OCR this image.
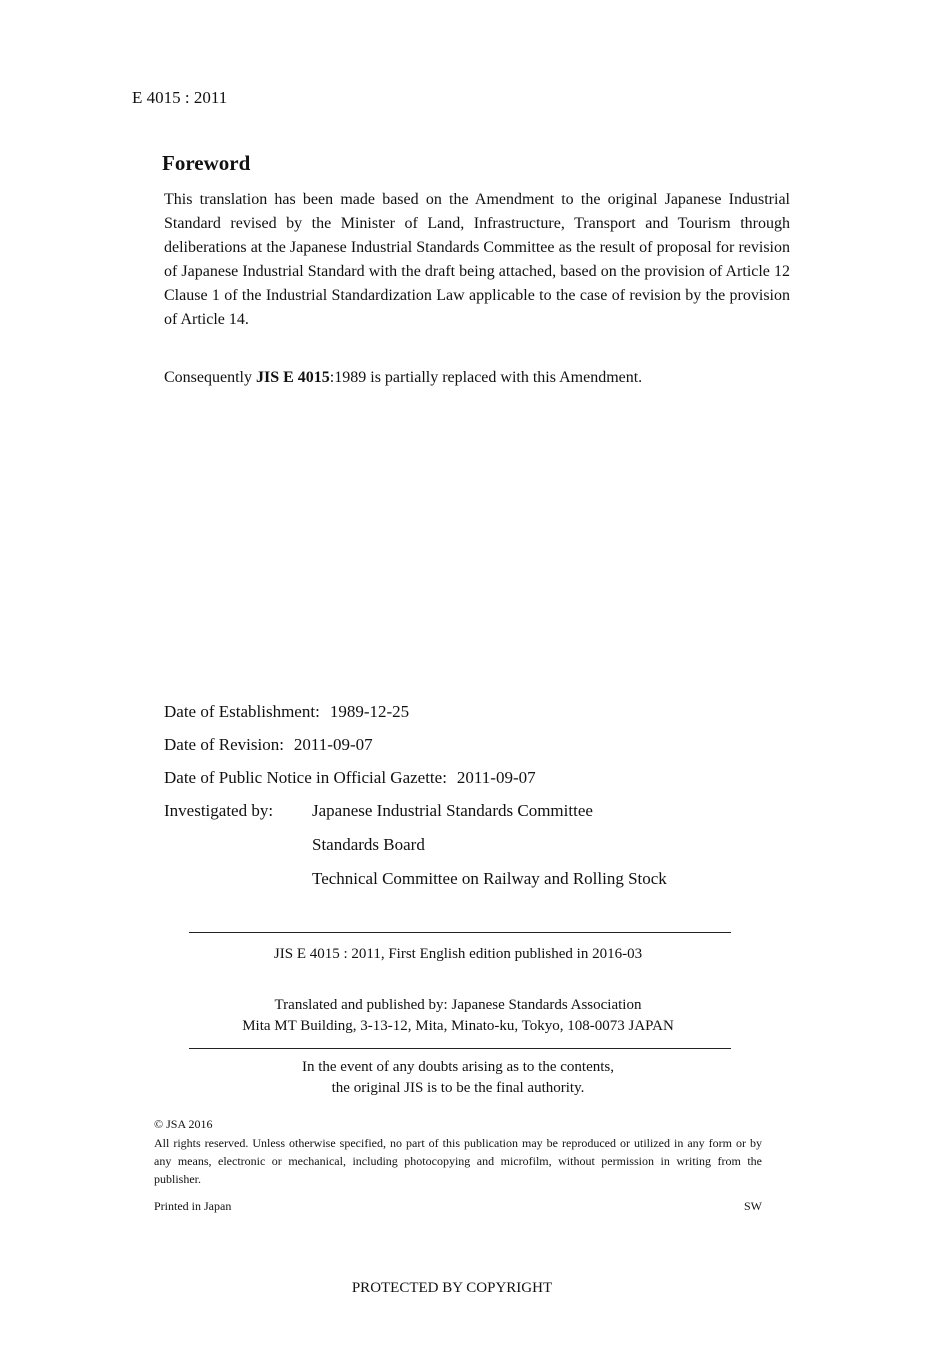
E 4015 : 2011
Foreword
This translation has been made based on the Amendment to the original Japanese Industrial Standard revised by the Minister of Land, Infrastructure, Transport and Tourism through deliberations at the Japanese Industrial Standards Committee as the result of proposal for revision of Japanese Industrial Standard with the draft being attached, based on the provision of Article 12 Clause 1 of the Industrial Standardization Law applicable to the case of revision by the provision of Article 14.
Consequently JIS E 4015:1989 is partially replaced with this Amendment.
Date of Establishment: 1989-12-25
Date of Revision: 2011-09-07
Date of Public Notice in Official Gazette: 2011-09-07
Investigated by: Japanese Industrial Standards Committee
Standards Board
Technical Committee on Railway and Rolling Stock
JIS E 4015 : 2011, First English edition published in 2016-03
Translated and published by: Japanese Standards Association
Mita MT Building, 3-13-12, Mita, Minato-ku, Tokyo, 108-0073 JAPAN
In the event of any doubts arising as to the contents,
the original JIS is to be the final authority.
© JSA 2016
All rights reserved. Unless otherwise specified, no part of this publication may be reproduced or utilized in any form or by any means, electronic or mechanical, including photocopying and microfilm, without permission in writing from the publisher.
Printed in Japan	SW
PROTECTED BY COPYRIGHT
